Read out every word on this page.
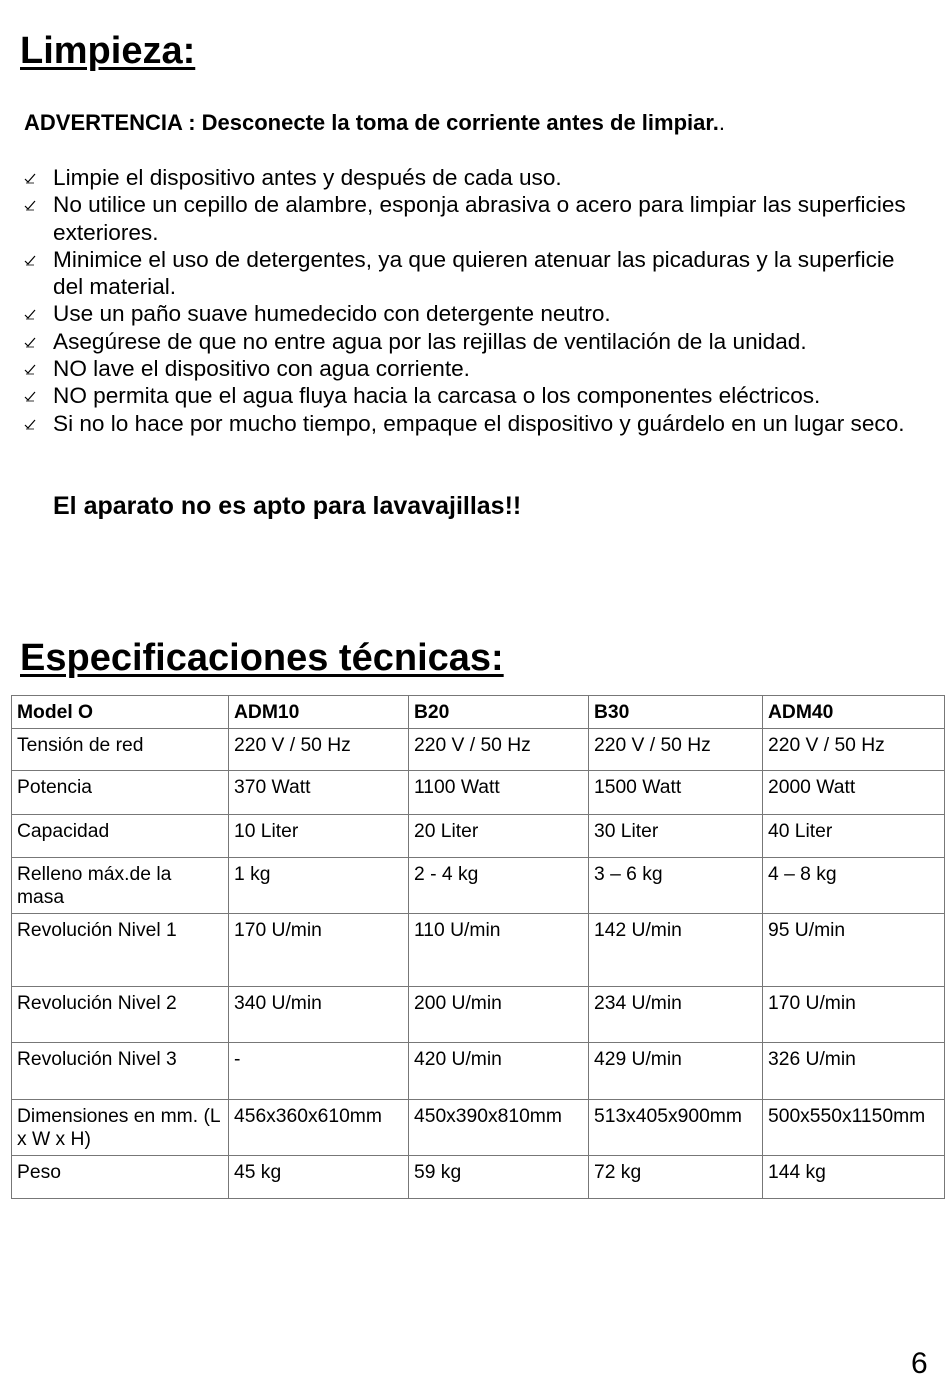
Limpieza:
ADVERTENCIA : Desconecte la toma de corriente antes de limpiar..
Limpie el dispositivo antes y después de cada uso.
No utilice un cepillo de alambre, esponja abrasiva o acero para limpiar las superficies exteriores.
Minimice el uso de detergentes, ya que quieren atenuar las picaduras y la superficie del material.
Use un paño suave humedecido con detergente neutro.
Asegúrese de que no entre agua por las rejillas de ventilación de la unidad.
NO lave el dispositivo con agua corriente.
NO permita que el agua fluya hacia la carcasa o los componentes eléctricos.
Si no lo hace por mucho tiempo, empaque el dispositivo y guárdelo en un lugar seco.
El aparato no es apto para lavavajillas!!
Especificaciones técnicas:
Model O	ADM10	B20	B30	ADM40
Tensión de red	220 V / 50 Hz	220 V / 50 Hz	220 V / 50 Hz	220 V / 50 Hz
Potencia	370 Watt	1100 Watt	1500 Watt	2000 Watt
Capacidad	10 Liter	20 Liter	30 Liter	40 Liter
Relleno máx.de la masa	1 kg	2 - 4 kg	3 – 6 kg	4 – 8 kg
Revolución Nivel 1	170 U/min	110 U/min	142 U/min	95 U/min
Revolución Nivel 2	340 U/min	200 U/min	234 U/min	170 U/min
Revolución Nivel 3	-	420 U/min	429 U/min	326 U/min
Dimensiones en mm. (L x W x H)	456x360x610mm	450x390x810mm	513x405x900mm	500x550x1150mm
Peso	45 kg	59 kg	72 kg	144 kg
6
